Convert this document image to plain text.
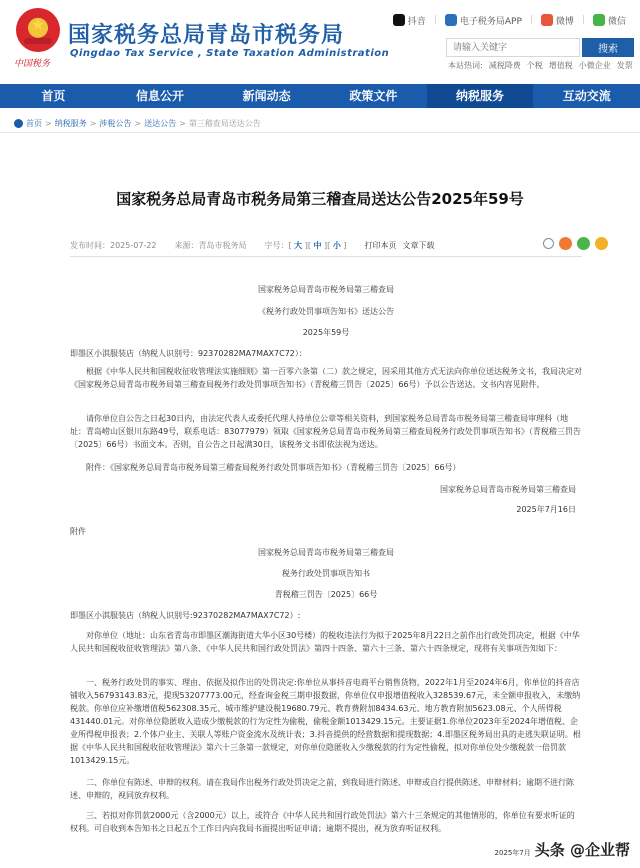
★
中国税务
国家税务总局青岛市税务局
Qingdao Tax Service , State Taxation Administration
抖音 |	电子税务局APP |	微博 |	微信
请输入关键字
搜索
本站热词: 减税降费 个税 增值税 小微企业 发票
首页	信息公开	新闻动态	政策文件	纳税服务	互动交流
首页 > 纳税服务 > 涉税公告 > 送达公告 > 第三稽查局送达公告
国家税务总局青岛市税务局第三稽查局送达公告2025年59号
发布时间：2025-07-22 来源：青岛市税务局 字号：[ 大 ][ 中 ][ 小 ] 打印本页 文章下载
国家税务总局青岛市税务局第三稽查局
《税务行政处罚事项告知书》送达公告
2025年59号
即墨区小淇服装店（纳税人识别号：92370282MA7MAX7C72）：
根据《中华人民共和国税收征收管理法实施细则》第一百零六条第（二）款之规定，因采用其他方式无法向你单位送达税务文书，我局决定对《国家税务总局青岛市税务局第三稽查局税务行政处罚事项告知书》（青税稽三罚告〔2025〕66号）予以公告送达。文书内容见附件。
请你单位自公告之日起30日内，由法定代表人或委托代理人持单位公章等相关资料，到国家税务总局青岛市税务局第三稽查局审理科（地址：青岛崂山区银川东路49号，联系电话：83077979）领取《国家税务总局青岛市税务局第三稽查局税务行政处罚事项告知书》（青税稽三罚告〔2025〕66号）书面文本。否则，自公告之日起满30日，该税务文书即依法视为送达。
附件：《国家税务总局青岛市税务局第三稽查局税务行政处罚事项告知书》（青税稽三罚告〔2025〕66号）
国家税务总局青岛市税务局第三稽查局
2025年7月16日
附件
国家税务总局青岛市税务局第三稽查局
税务行政处罚事项告知书
青税稽三罚告〔2025〕66号
即墨区小淇服装店（纳税人识别号:92370282MA7MAX7C72）:
对你单位（地址：山东省青岛市即墨区潮海街道大华小区30号楼）的税收违法行为拟于2025年8月22日之前作出行政处罚决定，根据《中华人民共和国税收征收管理法》第八条、《中华人民共和国行政处罚法》第四十四条、第六十三条、第六十四条规定，现将有关事项告知如下：
一、税务行政处罚的事实、理由、依据及拟作出的处罚决定:你单位从事抖音电商平台销售货物，2022年1月至2024年6月，你单位的抖音店铺收入56793143.83元，提现53207773.00元，经查询金税三期申报数据，你单位仅申报增值税收入328539.67元，未全额申报收入，未缴纳税款。你单位应补缴增值税562308.35元、城市维护建设税19680.79元、教育费附加8434.63元、地方教育附加5623.08元、个人所得税431440.01元。对你单位隐匿收入造成少缴税款的行为定性为偷税，偷税金额1013429.15元。主要证据1.你单位2023年至2024年增值税、企业所得税申报表；2.个体户业主、关联人等账户资金流水及统计表；3.抖音提供的经营数据和提现数据；4.即墨区税务局出具的走逃失联证明。根据《中华人民共和国税收征收管理法》第六十三条第一款规定，对你单位隐匿收入少缴税款的行为定性偷税，拟对你单位处少缴税款一倍罚款1013429.15元。
二、你单位有陈述、申辩的权利。请在我局作出税务行政处罚决定之前，到我局进行陈述、申辩或自行提供陈述、申辩材料；逾期不进行陈述、申辩的，视同放弃权利。
三、若拟对你罚款2000元（含2000元）以上，或符合《中华人民共和国行政处罚法》第六十三条规定的其他情形的，你单位有要求听证的权利。可自收到本告知书之日起五个工作日内向我局书面提出听证申请；逾期不提出，视为放弃听证权利。
2025年7月 头条 @企业帮
